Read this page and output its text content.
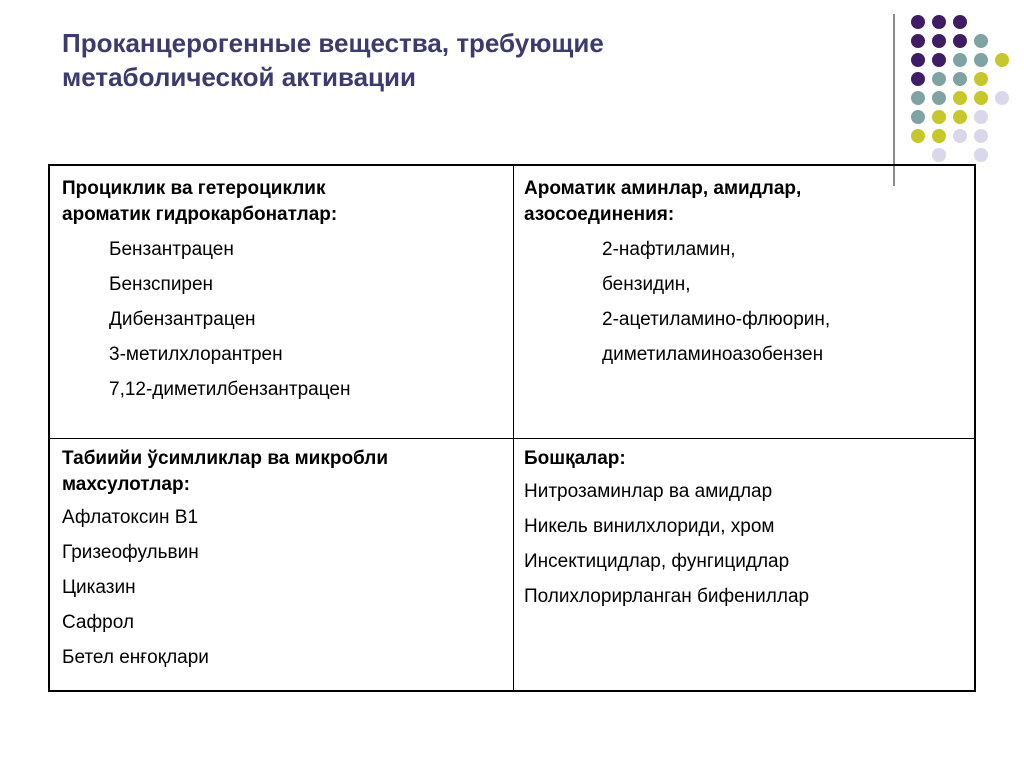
Проканцерогенные вещества, требующие
метаболической активации
Процикли​к ва гетероциклик
ароматик гидрокарбонатлар:
Бензантрацен
Бензспирен
Дибензантрацен
3-метилхлорантрен
7,12-диметилбензантрацен
Ароматик аминлар, амидлар,
азосоединения:
2-нафтиламин,
бензидин,
2-ацетиламино-флюорин,
диметиламиноазобензен
Табиийи ўсимликлар ва микробли
махсулотлар:
Афлатоксин В1
Гризеофульвин
Циказин
Сафрол
Бетел енғоқлари
Бошқалар:
Нитрозаминлар ва амидлар
Никель винилхлориди, хром
Инсектицидлар, фунгицидлар
Полихлорирланган бифениллар
